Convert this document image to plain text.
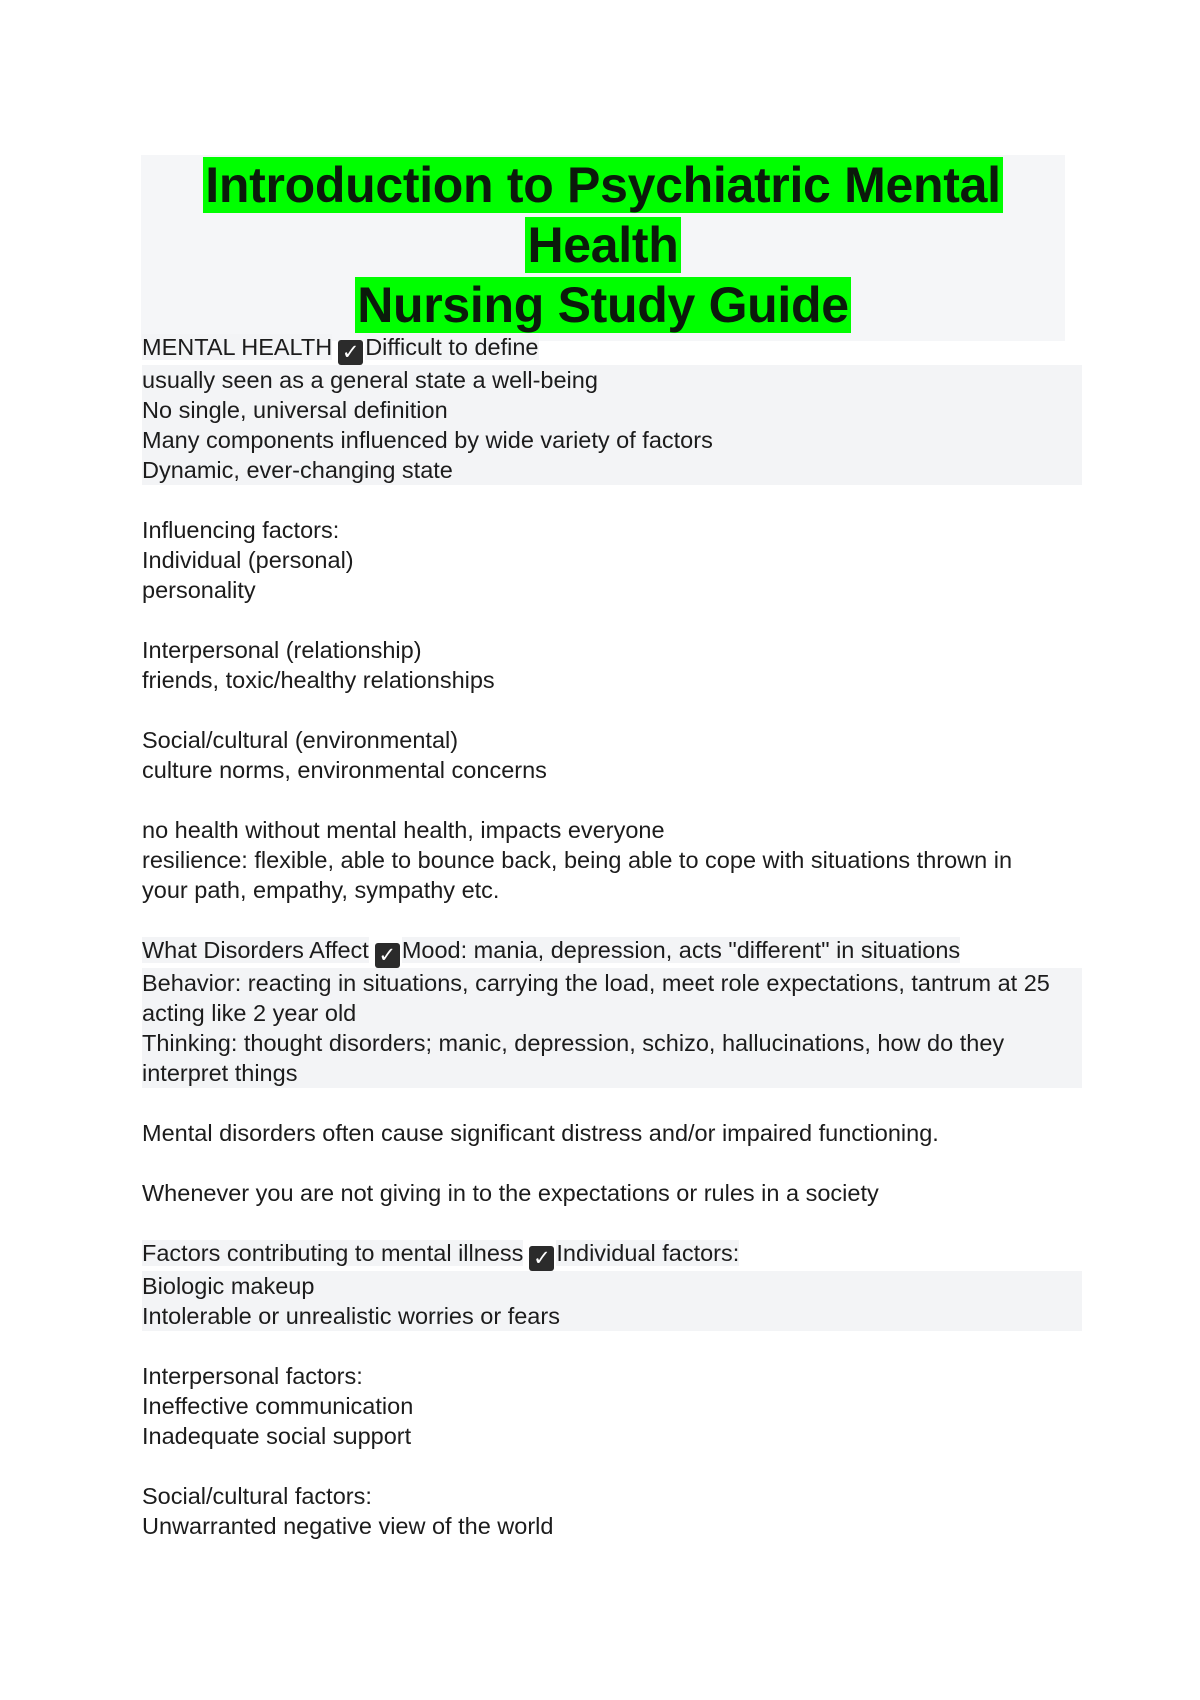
Introduction to Psychiatric Mental Health
Nursing Study Guide
MENTAL HEALTH ✓ Difficult to define
usually seen as a general state a well-being
No single, universal definition
Many components influenced by wide variety of factors
Dynamic, ever-changing state
Influencing factors:
Individual (personal)
personality
Interpersonal (relationship)
friends, toxic/healthy relationships
Social/cultural (environmental)
culture norms, environmental concerns
no health without mental health, impacts everyone
resilience: flexible, able to bounce back, being able to cope with situations thrown in
your path, empathy, sympathy etc.
What Disorders Affect ✓ Mood: mania, depression, acts "different" in situations
Behavior: reacting in situations, carrying the load, meet role expectations, tantrum at 25
acting like 2 year old
Thinking: thought disorders; manic, depression, schizo, hallucinations, how do they
interpret things
Mental disorders often cause significant distress and/or impaired functioning.
Whenever you are not giving in to the expectations or rules in a society
Factors contributing to mental illness ✓ Individual factors:
Biologic makeup
Intolerable or unrealistic worries or fears
Interpersonal factors:
Ineffective communication
Inadequate social support
Social/cultural factors:
Unwarranted negative view of the world
